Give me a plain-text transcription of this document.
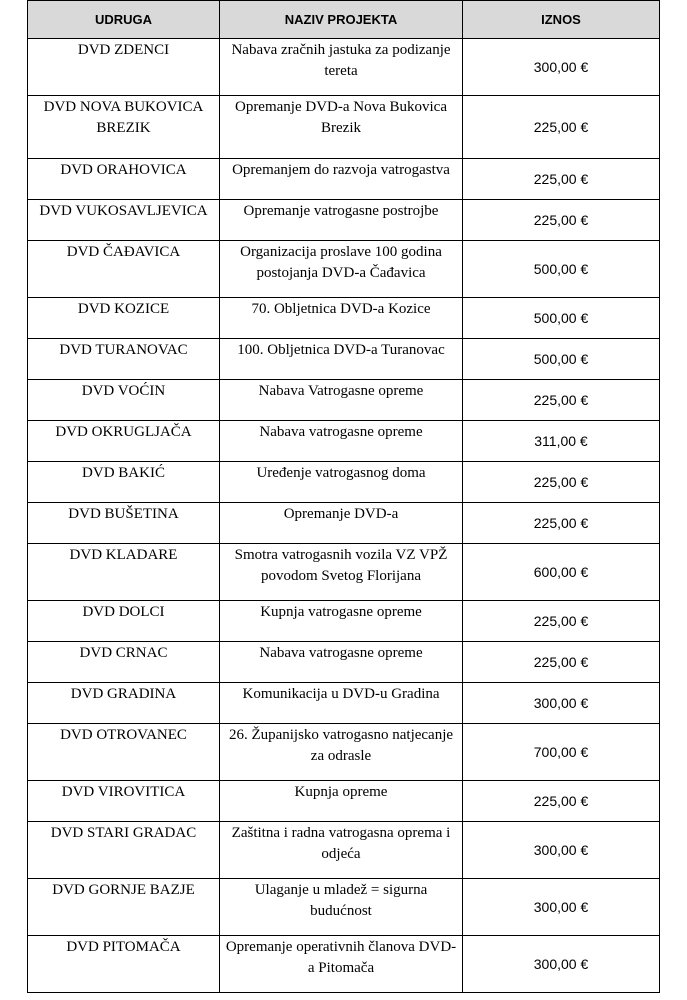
UDRUGA	NAZIV PROJEKTA	IZNOS
DVD ZDENCI	Nabava zračnih jastuka za podizanje tereta	300,00 €
DVD NOVA BUKOVICA BREZIK	Opremanje DVD-a Nova Bukovica Brezik	225,00 €
DVD ORAHOVICA	Opremanjem do razvoja vatrogastva	225,00 €
DVD VUKOSAVLJEVICA	Opremanje vatrogasne postrojbe	225,00 €
DVD ČAĐAVICA	Organizacija proslave 100 godina postojanja DVD-a Čađavica	500,00 €
DVD KOZICE	70. Obljetnica DVD-a Kozice	500,00 €
DVD TURANOVAC	100. Obljetnica DVD-a Turanovac	500,00 €
DVD VOĆIN	Nabava Vatrogasne opreme	225,00 €
DVD OKRUGLJAČA	Nabava vatrogasne opreme	311,00 €
DVD BAKIĆ	Uređenje vatrogasnog doma	225,00 €
DVD BUŠETINA	Opremanje DVD-a	225,00 €
DVD KLADARE	Smotra vatrogasnih vozila VZ VPŽ povodom Svetog Florijana	600,00 €
DVD DOLCI	Kupnja vatrogasne opreme	225,00 €
DVD CRNAC	Nabava vatrogasne opreme	225,00 €
DVD GRADINA	Komunikacija u DVD-u Gradina	300,00 €
DVD OTROVANEC	26. Županijsko vatrogasno natjecanje za odrasle	700,00 €
DVD VIROVITICA	Kupnja opreme	225,00 €
DVD STARI GRADAC	Zaštitna i radna vatrogasna oprema i odjeća	300,00 €
DVD GORNJE BAZJE	Ulaganje u mladež = sigurna budućnost	300,00 €
DVD PITOMAČA	Opremanje operativnih članova DVD-a Pitomača	300,00 €
